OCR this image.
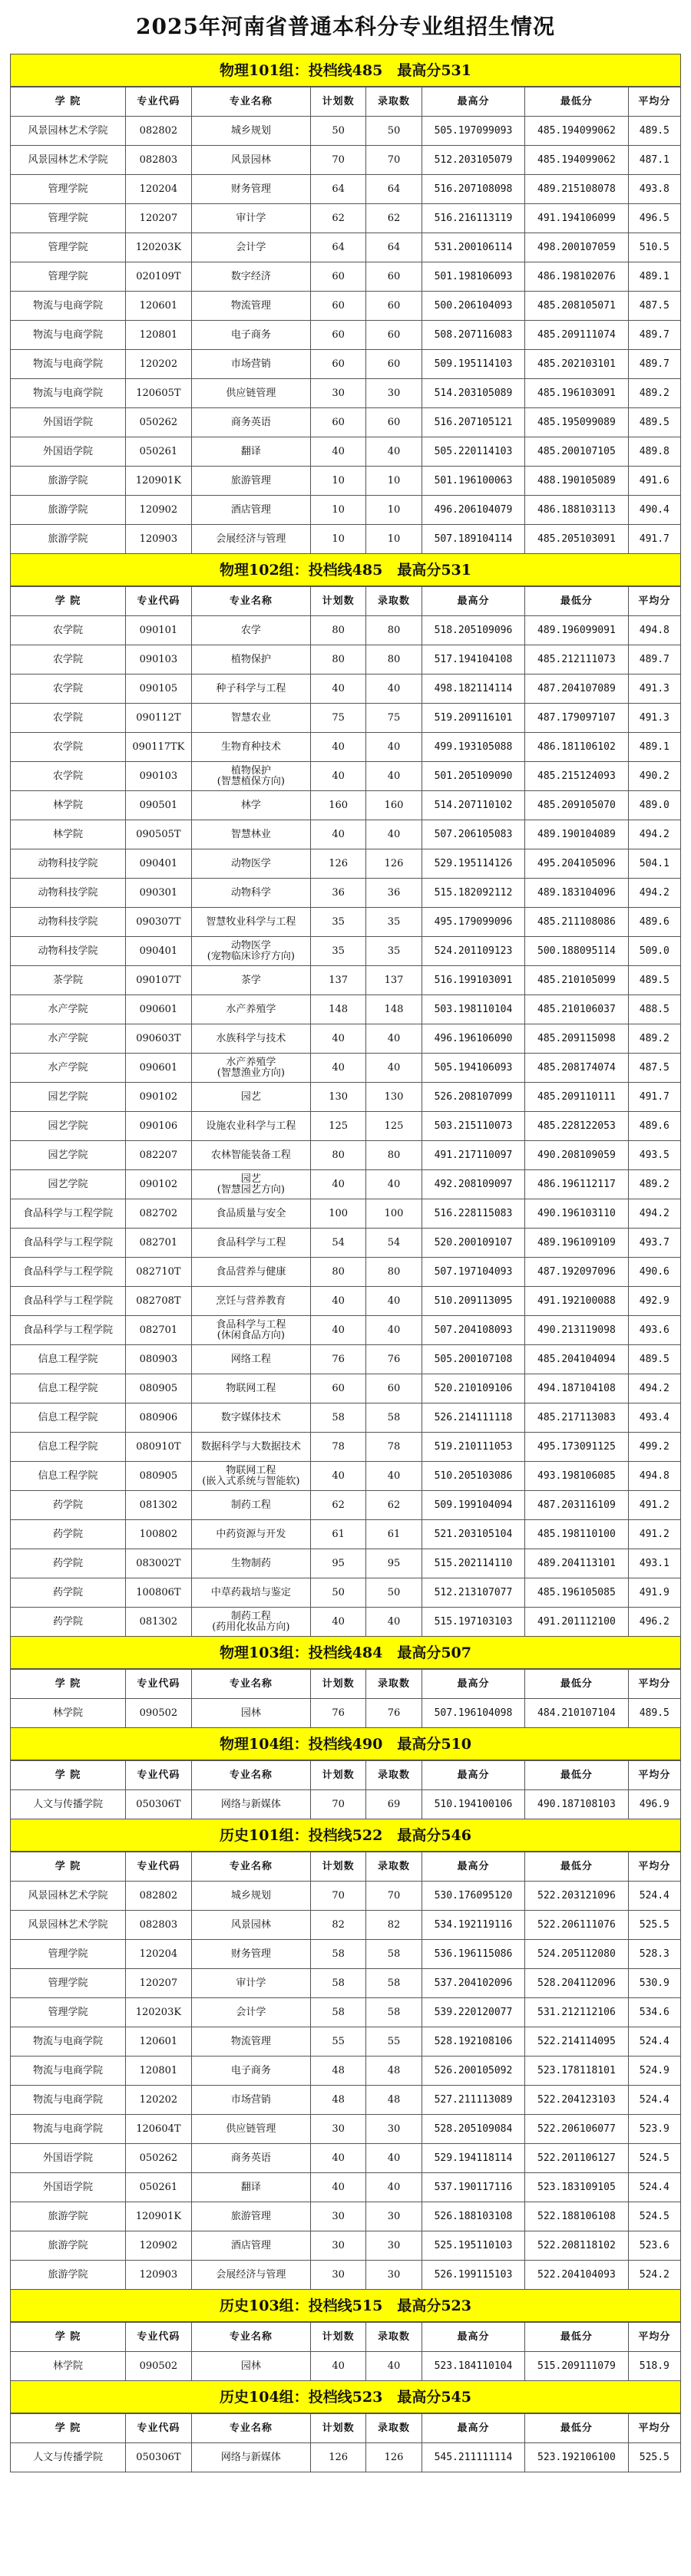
2025年河南省普通本科分专业组招生情况
物理101组：投档线485　最高分531
学 院	专业代码	专业名称	计划数	录取数	最高分	最低分	平均分
风景园林艺术学院	082802	城乡规划	50	50	505.197099093	485.194099062	489.5
风景园林艺术学院	082803	风景园林	70	70	512.203105079	485.194099062	487.1
管理学院	120204	财务管理	64	64	516.207108098	489.215108078	493.8
管理学院	120207	审计学	62	62	516.216113119	491.194106099	496.5
管理学院	120203K	会计学	64	64	531.200106114	498.200107059	510.5
管理学院	020109T	数字经济	60	60	501.198106093	486.198102076	489.1
物流与电商学院	120601	物流管理	60	60	500.206104093	485.208105071	487.5
物流与电商学院	120801	电子商务	60	60	508.207116083	485.209111074	489.7
物流与电商学院	120202	市场营销	60	60	509.195114103	485.202103101	489.7
物流与电商学院	120605T	供应链管理	30	30	514.203105089	485.196103091	489.2
外国语学院	050262	商务英语	60	60	516.207105121	485.195099089	489.5
外国语学院	050261	翻译	40	40	505.220114103	485.200107105	489.8
旅游学院	120901K	旅游管理	10	10	501.196100063	488.190105089	491.6
旅游学院	120902	酒店管理	10	10	496.206104079	486.188103113	490.4
旅游学院	120903	会展经济与管理	10	10	507.189104114	485.205103091	491.7
物理102组：投档线485　最高分531
学 院	专业代码	专业名称	计划数	录取数	最高分	最低分	平均分
农学院	090101	农学	80	80	518.205109096	489.196099091	494.8
农学院	090103	植物保护	80	80	517.194104108	485.212111073	489.7
农学院	090105	种子科学与工程	40	40	498.182114114	487.204107089	491.3
农学院	090112T	智慧农业	75	75	519.209116101	487.179097107	491.3
农学院	090117TK	生物育种技术	40	40	499.193105088	486.181106102	489.1
农学院	090103	植物保护
(智慧植保方向)	40	40	501.205109090	485.215124093	490.2
林学院	090501	林学	160	160	514.207110102	485.209105070	489.0
林学院	090505T	智慧林业	40	40	507.206105083	489.190104089	494.2
动物科技学院	090401	动物医学	126	126	529.195114126	495.204105096	504.1
动物科技学院	090301	动物科学	36	36	515.182092112	489.183104096	494.2
动物科技学院	090307T	智慧牧业科学与工程	35	35	495.179099096	485.211108086	489.6
动物科技学院	090401	动物医学
(宠物临床诊疗方向)	35	35	524.201109123	500.188095114	509.0
茶学院	090107T	茶学	137	137	516.199103091	485.210105099	489.5
水产学院	090601	水产养殖学	148	148	503.198110104	485.210106037	488.5
水产学院	090603T	水族科学与技术	40	40	496.196106090	485.209115098	489.2
水产学院	090601	水产养殖学
(智慧渔业方向)	40	40	505.194106093	485.208174074	487.5
园艺学院	090102	园艺	130	130	526.208107099	485.209110111	491.7
园艺学院	090106	设施农业科学与工程	125	125	503.215110073	485.228122053	489.6
园艺学院	082207	农林智能装备工程	80	80	491.217110097	490.208109059	493.5
园艺学院	090102	园艺
(智慧园艺方向)	40	40	492.208109097	486.196112117	489.2
食品科学与工程学院	082702	食品质量与安全	100	100	516.228115083	490.196103110	494.2
食品科学与工程学院	082701	食品科学与工程	54	54	520.200109107	489.196109109	493.7
食品科学与工程学院	082710T	食品营养与健康	80	80	507.197104093	487.192097096	490.6
食品科学与工程学院	082708T	烹饪与营养教育	40	40	510.209113095	491.192100088	492.9
食品科学与工程学院	082701	食品科学与工程
(休闲食品方向)	40	40	507.204108093	490.213119098	493.6
信息工程学院	080903	网络工程	76	76	505.200107108	485.204104094	489.5
信息工程学院	080905	物联网工程	60	60	520.210109106	494.187104108	494.2
信息工程学院	080906	数字媒体技术	58	58	526.214111118	485.217113083	493.4
信息工程学院	080910T	数据科学与大数据技术	78	78	519.210111053	495.173091125	499.2
信息工程学院	080905	物联网工程
(嵌入式系统与智能软)	40	40	510.205103086	493.198106085	494.8
药学院	081302	制药工程	62	62	509.199104094	487.203116109	491.2
药学院	100802	中药资源与开发	61	61	521.203105104	485.198110100	491.2
药学院	083002T	生物制药	95	95	515.202114110	489.204113101	493.1
药学院	100806T	中草药栽培与鉴定	50	50	512.213107077	485.196105085	491.9
药学院	081302	制药工程
(药用化妆品方向)	40	40	515.197103103	491.201112100	496.2
物理103组：投档线484　最高分507
学 院	专业代码	专业名称	计划数	录取数	最高分	最低分	平均分
林学院	090502	园林	76	76	507.196104098	484.210107104	489.5
物理104组：投档线490　最高分510
学 院	专业代码	专业名称	计划数	录取数	最高分	最低分	平均分
人文与传播学院	050306T	网络与新媒体	70	69	510.194100106	490.187108103	496.9
历史101组：投档线522　最高分546
学 院	专业代码	专业名称	计划数	录取数	最高分	最低分	平均分
风景园林艺术学院	082802	城乡规划	70	70	530.176095120	522.203121096	524.4
风景园林艺术学院	082803	风景园林	82	82	534.192119116	522.206111076	525.5
管理学院	120204	财务管理	58	58	536.196115086	524.205112080	528.3
管理学院	120207	审计学	58	58	537.204102096	528.204112096	530.9
管理学院	120203K	会计学	58	58	539.220120077	531.212112106	534.6
物流与电商学院	120601	物流管理	55	55	528.192108106	522.214114095	524.4
物流与电商学院	120801	电子商务	48	48	526.200105092	523.178118101	524.9
物流与电商学院	120202	市场营销	48	48	527.211113089	522.204123103	524.4
物流与电商学院	120604T	供应链管理	30	30	528.205109084	522.206106077	523.9
外国语学院	050262	商务英语	40	40	529.194118114	522.201106127	524.5
外国语学院	050261	翻译	40	40	537.190117116	523.183109105	524.4
旅游学院	120901K	旅游管理	30	30	526.188103108	522.188106108	524.5
旅游学院	120902	酒店管理	30	30	525.195110103	522.208118102	523.6
旅游学院	120903	会展经济与管理	30	30	526.199115103	522.204104093	524.2
历史103组：投档线515　最高分523
学 院	专业代码	专业名称	计划数	录取数	最高分	最低分	平均分
林学院	090502	园林	40	40	523.184110104	515.209111079	518.9
历史104组：投档线523　最高分545
学 院	专业代码	专业名称	计划数	录取数	最高分	最低分	平均分
人文与传播学院	050306T	网络与新媒体	126	126	545.211111114	523.192106100	525.5
